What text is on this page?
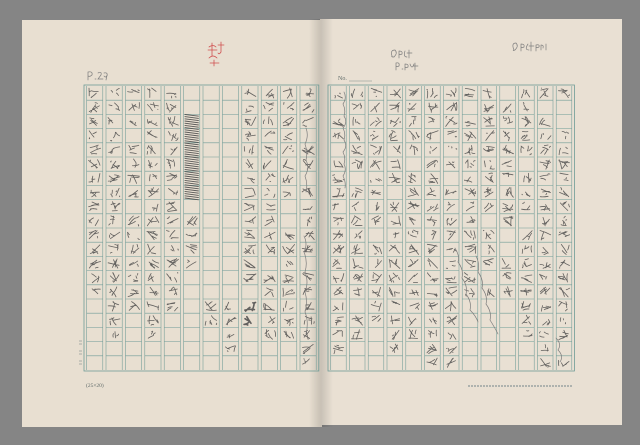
No.
(25×20)
